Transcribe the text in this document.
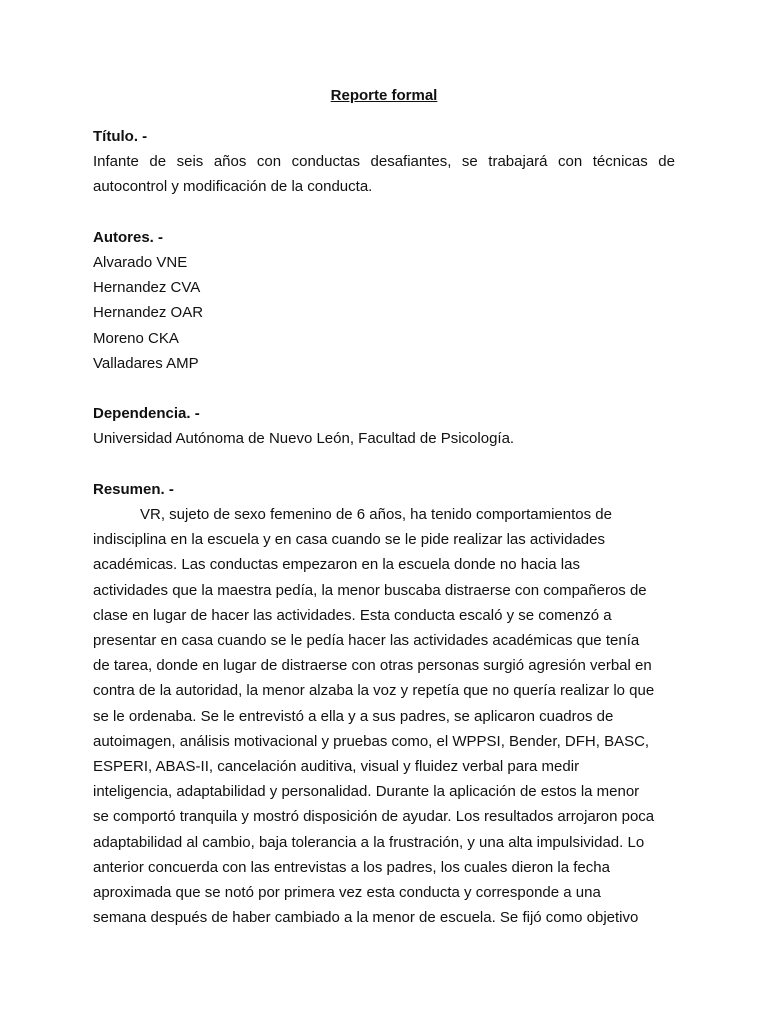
Reporte formal

Título. -

Infante de seis años con conductas desafiantes, se trabajará con técnicas de autocontrol y modificación de la conducta.

Autores. -

Alvarado VNE

Hernandez CVA

Hernandez OAR

Moreno CKA

Valladares AMP

Dependencia. -

Universidad Autónoma de Nuevo León, Facultad de Psicología.

Resumen. -

VR, sujeto de sexo femenino de 6 años, ha tenido comportamientos de

indisciplina en la escuela y en casa cuando se le pide realizar las actividades

académicas. Las conductas empezaron en la escuela donde no hacia las

actividades que la maestra pedía, la menor buscaba distraerse con compañeros de

clase en lugar de hacer las actividades. Esta conducta escaló y se comenzó a

presentar en casa cuando se le pedía hacer las actividades académicas que tenía

de tarea, donde en lugar de distraerse con otras personas surgió agresión verbal en

contra de la autoridad, la menor alzaba la voz y repetía que no quería realizar lo que

se le ordenaba. Se le entrevistó a ella y a sus padres, se aplicaron cuadros de

autoimagen, análisis motivacional y pruebas como, el WPPSI, Bender, DFH, BASC,

ESPERI, ABAS-II, cancelación auditiva, visual y fluidez verbal para medir

inteligencia, adaptabilidad y personalidad. Durante la aplicación de estos la menor

se comportó tranquila y mostró disposición de ayudar. Los resultados arrojaron poca

adaptabilidad al cambio, baja tolerancia a la frustración, y una alta impulsividad. Lo

anterior concuerda con las entrevistas a los padres, los cuales dieron la fecha

aproximada que se notó por primera vez esta conducta y corresponde a una

semana después de haber cambiado a la menor de escuela. Se fijó como objetivo
